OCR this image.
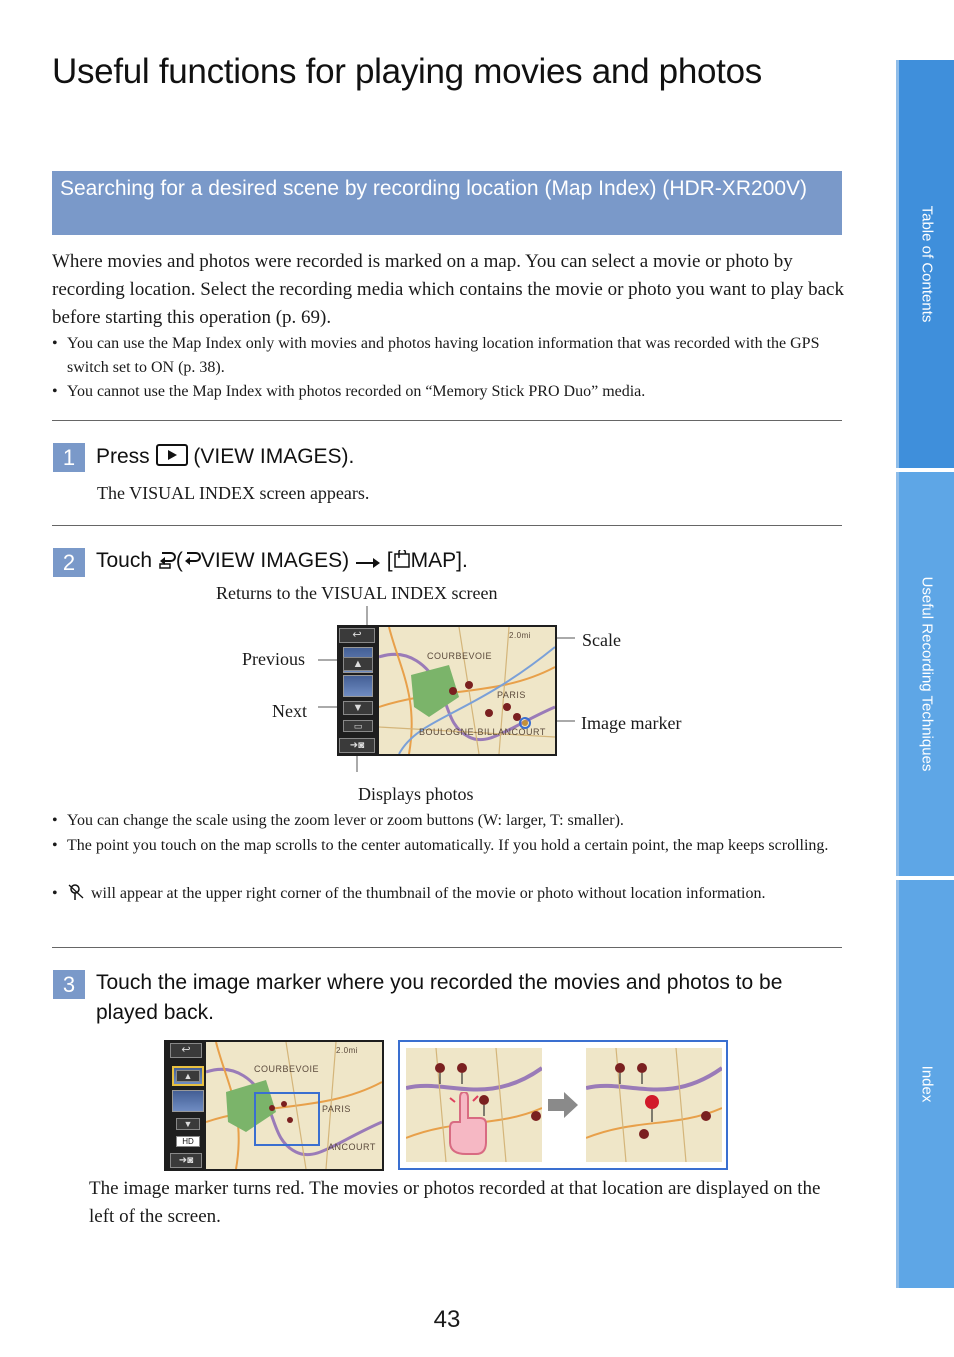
Useful functions for playing movies and photos
Searching for a desired scene by recording location (Map Index) (HDR-XR200V)
Where movies and photos were recorded is marked on a map. You can select a movie or photo by recording location. Select the recording media which contains the movie or photo you want to play back before starting this operation (p. 69).
• You can use the Map Index only with movies and photos having location information that was recorded with the GPS switch set to ON (p. 38).
• You cannot use the Map Index with photos recorded on “Memory Stick PRO Duo” media.
1 Press (VIEW IMAGES).
The VISUAL INDEX screen appears.
2 Touch ( VIEW IMAGES) [ MAP].
Returns to the VISUAL INDEX screen
Previous
Next
Scale
Image marker
Displays photos
COURBEVOIE
PARIS
BOULOGNE-BILLANCOURT
2.0mi
↩
▲
▼
▭
➜◙
• You can change the scale using the zoom lever or zoom buttons (W: larger, T: smaller).
• The point you touch on the map scrolls to the center automatically. If you hold a certain point, the map keeps scrolling.
• will appear at the upper right corner of the thumbnail of the movie or photo without location information.
3 Touch the image marker where you recorded the movies and photos to be played back.
COURBEVOIE
PARIS
ANCOURT
2.0mi
↩
▲
▼
HD
➜◙
The image marker turns red. The movies or photos recorded at that location are displayed on the left of the screen.
Table of Contents
Useful Recording Techniques
Index
43
